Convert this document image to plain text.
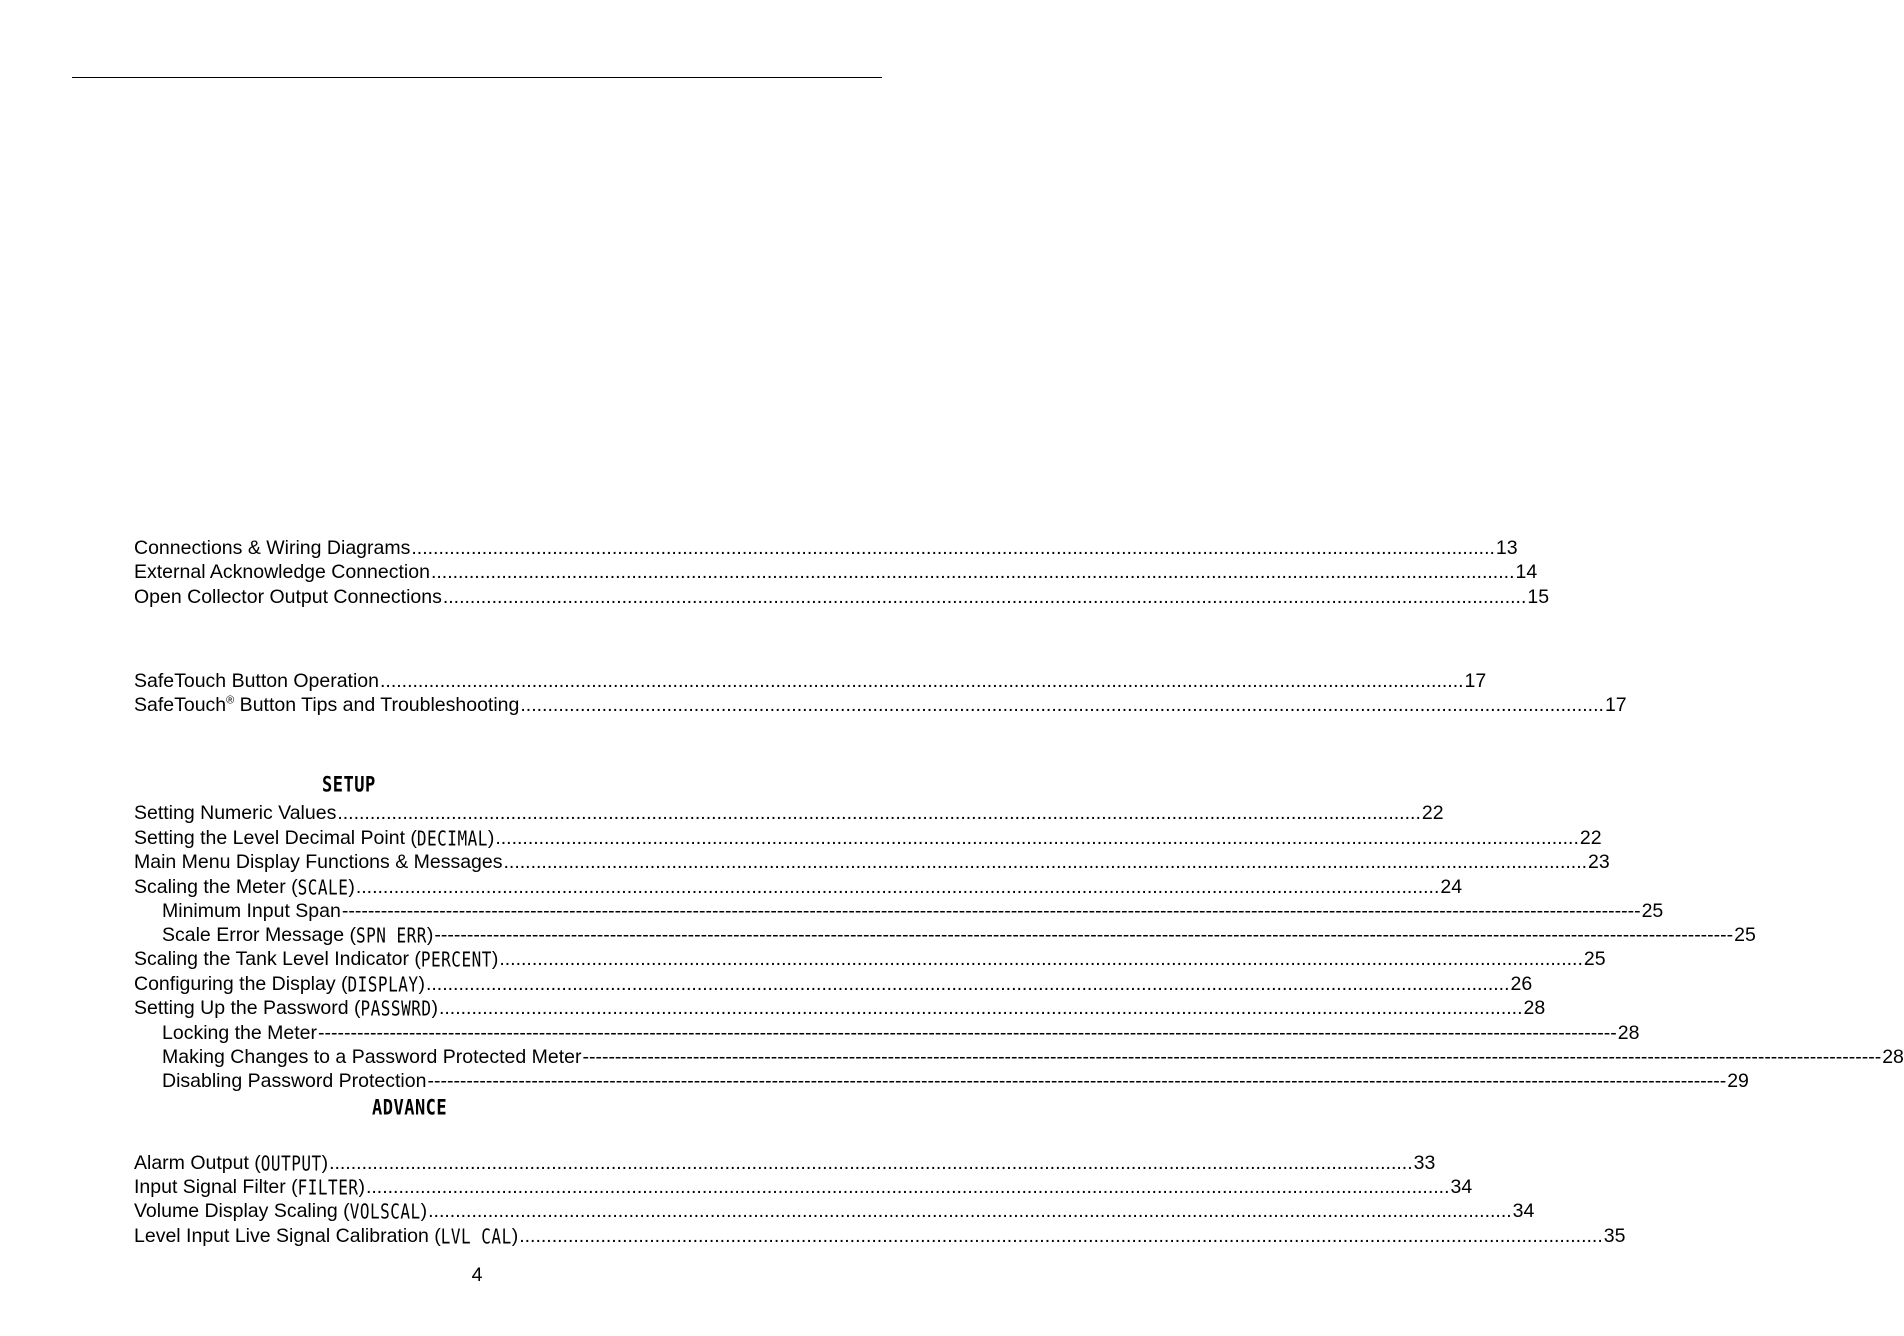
SETUP
ADVANCE
Connections & Wiring Diagrams ........................................................................................................................................................................................................ 13
External Acknowledge Connection ........................................................................................................................................................................................................ 14
Open Collector Output Connections ........................................................................................................................................................................................................ 15
SafeTouch Button Operation ........................................................................................................................................................................................................ 17
SafeTouch® Button Tips and Troubleshooting ........................................................................................................................................................................................................ 17
Setting Numeric Values ........................................................................................................................................................................................................ 22
Setting the Level Decimal Point (DECIMAL) ........................................................................................................................................................................................................ 22
Main Menu Display Functions & Messages ........................................................................................................................................................................................................ 23
Scaling the Meter (SCALE) ........................................................................................................................................................................................................ 24
Minimum Input Span -------------------------------------------------------------------------------------------------------------------------------------------------------------------------------------------------------- 25
Scale Error Message (SPN ERR) -------------------------------------------------------------------------------------------------------------------------------------------------------------------------------------------------------- 25
Scaling the Tank Level Indicator (PERCENT) ........................................................................................................................................................................................................ 25
Configuring the Display (DISPLAY) ........................................................................................................................................................................................................ 26
Setting Up the Password (PASSWRD) ........................................................................................................................................................................................................ 28
Locking the Meter -------------------------------------------------------------------------------------------------------------------------------------------------------------------------------------------------------- 28
Making Changes to a Password Protected Meter -------------------------------------------------------------------------------------------------------------------------------------------------------------------------------------------------------- 28
Disabling Password Protection -------------------------------------------------------------------------------------------------------------------------------------------------------------------------------------------------------- 29
Alarm Output (OUTPUT) ........................................................................................................................................................................................................ 33
Input Signal Filter (FILTER) ........................................................................................................................................................................................................ 34
Volume Display Scaling (VOLSCAL) ........................................................................................................................................................................................................ 34
Level Input Live Signal Calibration (LVL CAL) ........................................................................................................................................................................................................ 35
4
